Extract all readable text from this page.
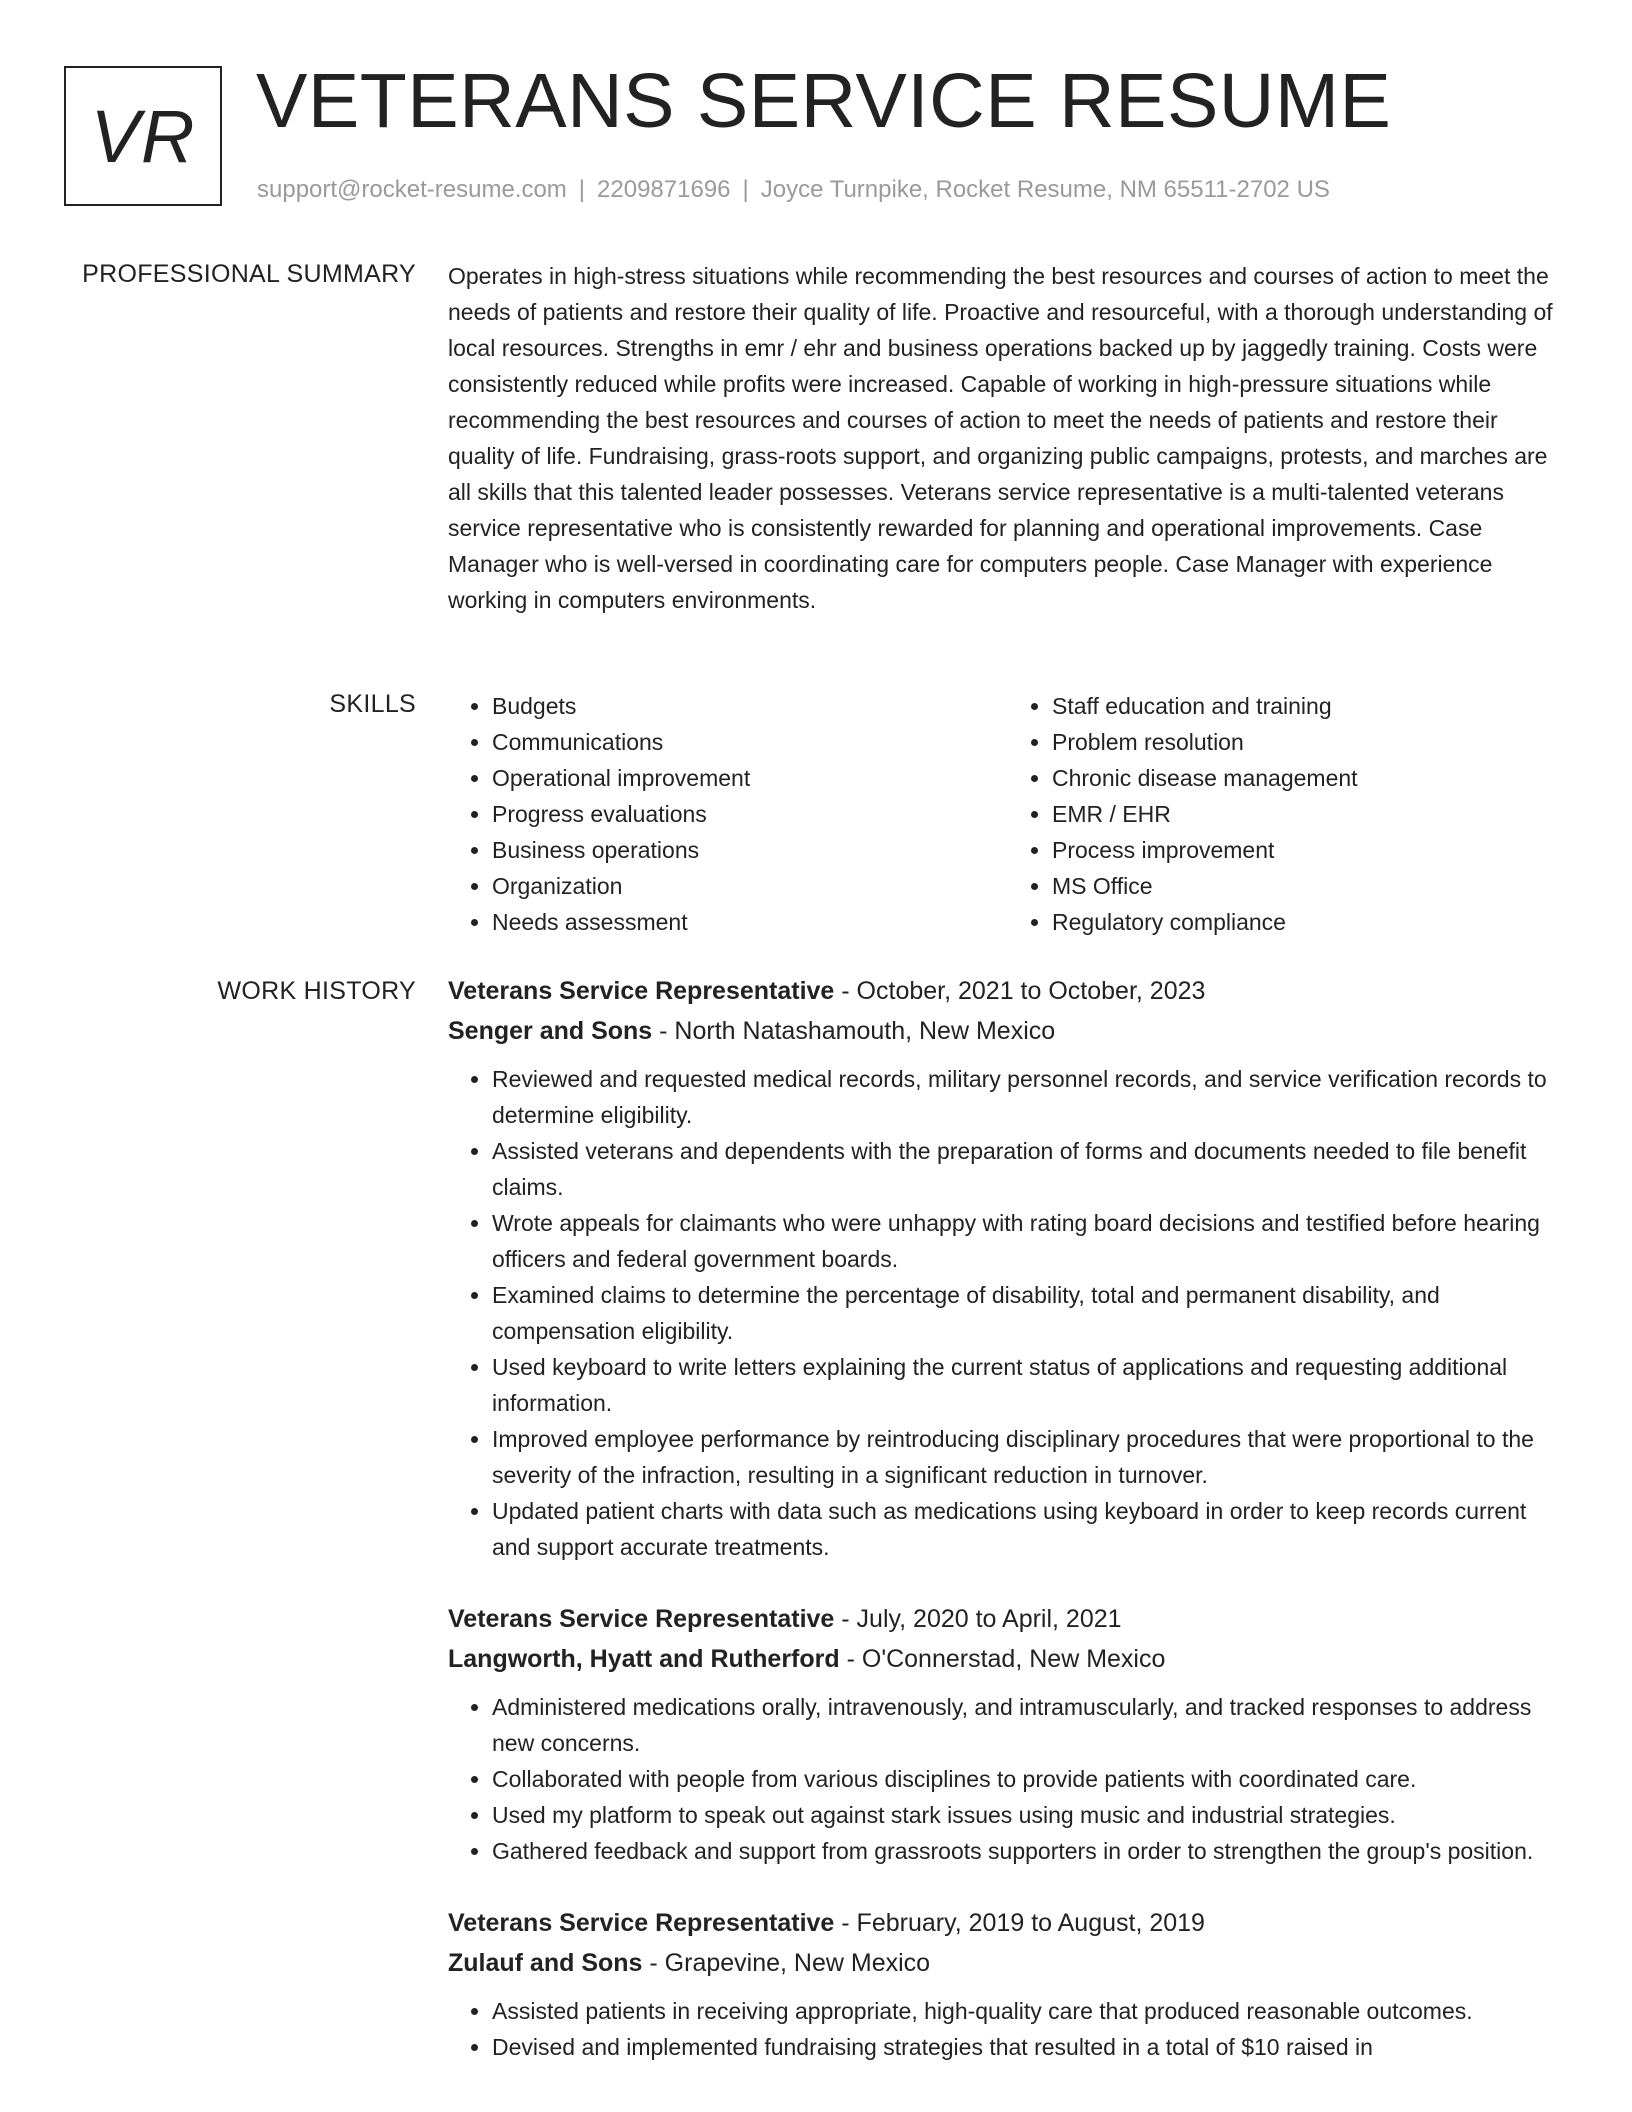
VR VETERANS SERVICE RESUME
support@rocket-resume.com | 2209871696 | Joyce Turnpike, Rocket Resume, NM 65511-2702 US
PROFESSIONAL SUMMARY Operates in high-stress situations while recommending the best resources and courses of action to meet the needs of patients and restore their quality of life. Proactive and resourceful, with a thorough understanding of local resources. Strengths in emr / ehr and business operations backed up by jaggedly training. Costs were consistently reduced while profits were increased. Capable of working in high-pressure situations while recommending the best resources and courses of action to meet the needs of patients and restore their quality of life. Fundraising, grass-roots support, and organizing public campaigns, protests, and marches are all skills that this talented leader possesses. Veterans service representative is a multi-talented veterans service representative who is consistently rewarded for planning and operational improvements. Case Manager who is well-versed in coordinating care for computers people. Case Manager with experience working in computers environments.

SKILLS
•	Budgets
• Communications
• Operational improvement
• Progress evaluations
• Business operations
• Organization
• Needs assessment
• Staff education and training
• Problem resolution
• Chronic disease management
• EMR / EHR
• Process improvement
• MS Office
• Regulatory compliance
WORK HISTORY Veterans Service Representative - October, 2021 to October, 2023
Senger and Sons - North Natashamouth, New Mexico
• Reviewed and requested medical records, military personnel records, and service verification records to determine eligibility.
• Assisted veterans and dependents with the preparation of forms and documents needed to file benefit claims.
• Wrote appeals for claimants who were unhappy with rating board decisions and testified before hearing officers and federal government boards.
• Examined claims to determine the percentage of disability, total and permanent disability, and compensation eligibility.
• Used keyboard to write letters explaining the current status of applications and requesting additional information.
• Improved employee performance by reintroducing disciplinary procedures that were proportional to the severity of the infraction, resulting in a significant reduction in turnover.
• Updated patient charts with data such as medications using keyboard in order to keep records current and support accurate treatments.
Veterans Service Representative - July, 2020 to April, 2021
Langworth, Hyatt and Rutherford - O'Connerstad, New Mexico
• Administered medications orally, intravenously, and intramuscularly, and tracked responses to address new concerns.
• Collaborated with people from various disciplines to provide patients with coordinated care.
• Used my platform to speak out against stark issues using music and industrial strategies.
• Gathered feedback and support from grassroots supporters in order to strengthen the group's position.
Veterans Service Representative - February, 2019 to August, 2019
Zulauf and Sons - Grapevine, New Mexico
• Assisted patients in receiving appropriate, high-quality care that produced reasonable outcomes.
• Devised and implemented fundraising strategies that resulted in a total of $10 raised in
